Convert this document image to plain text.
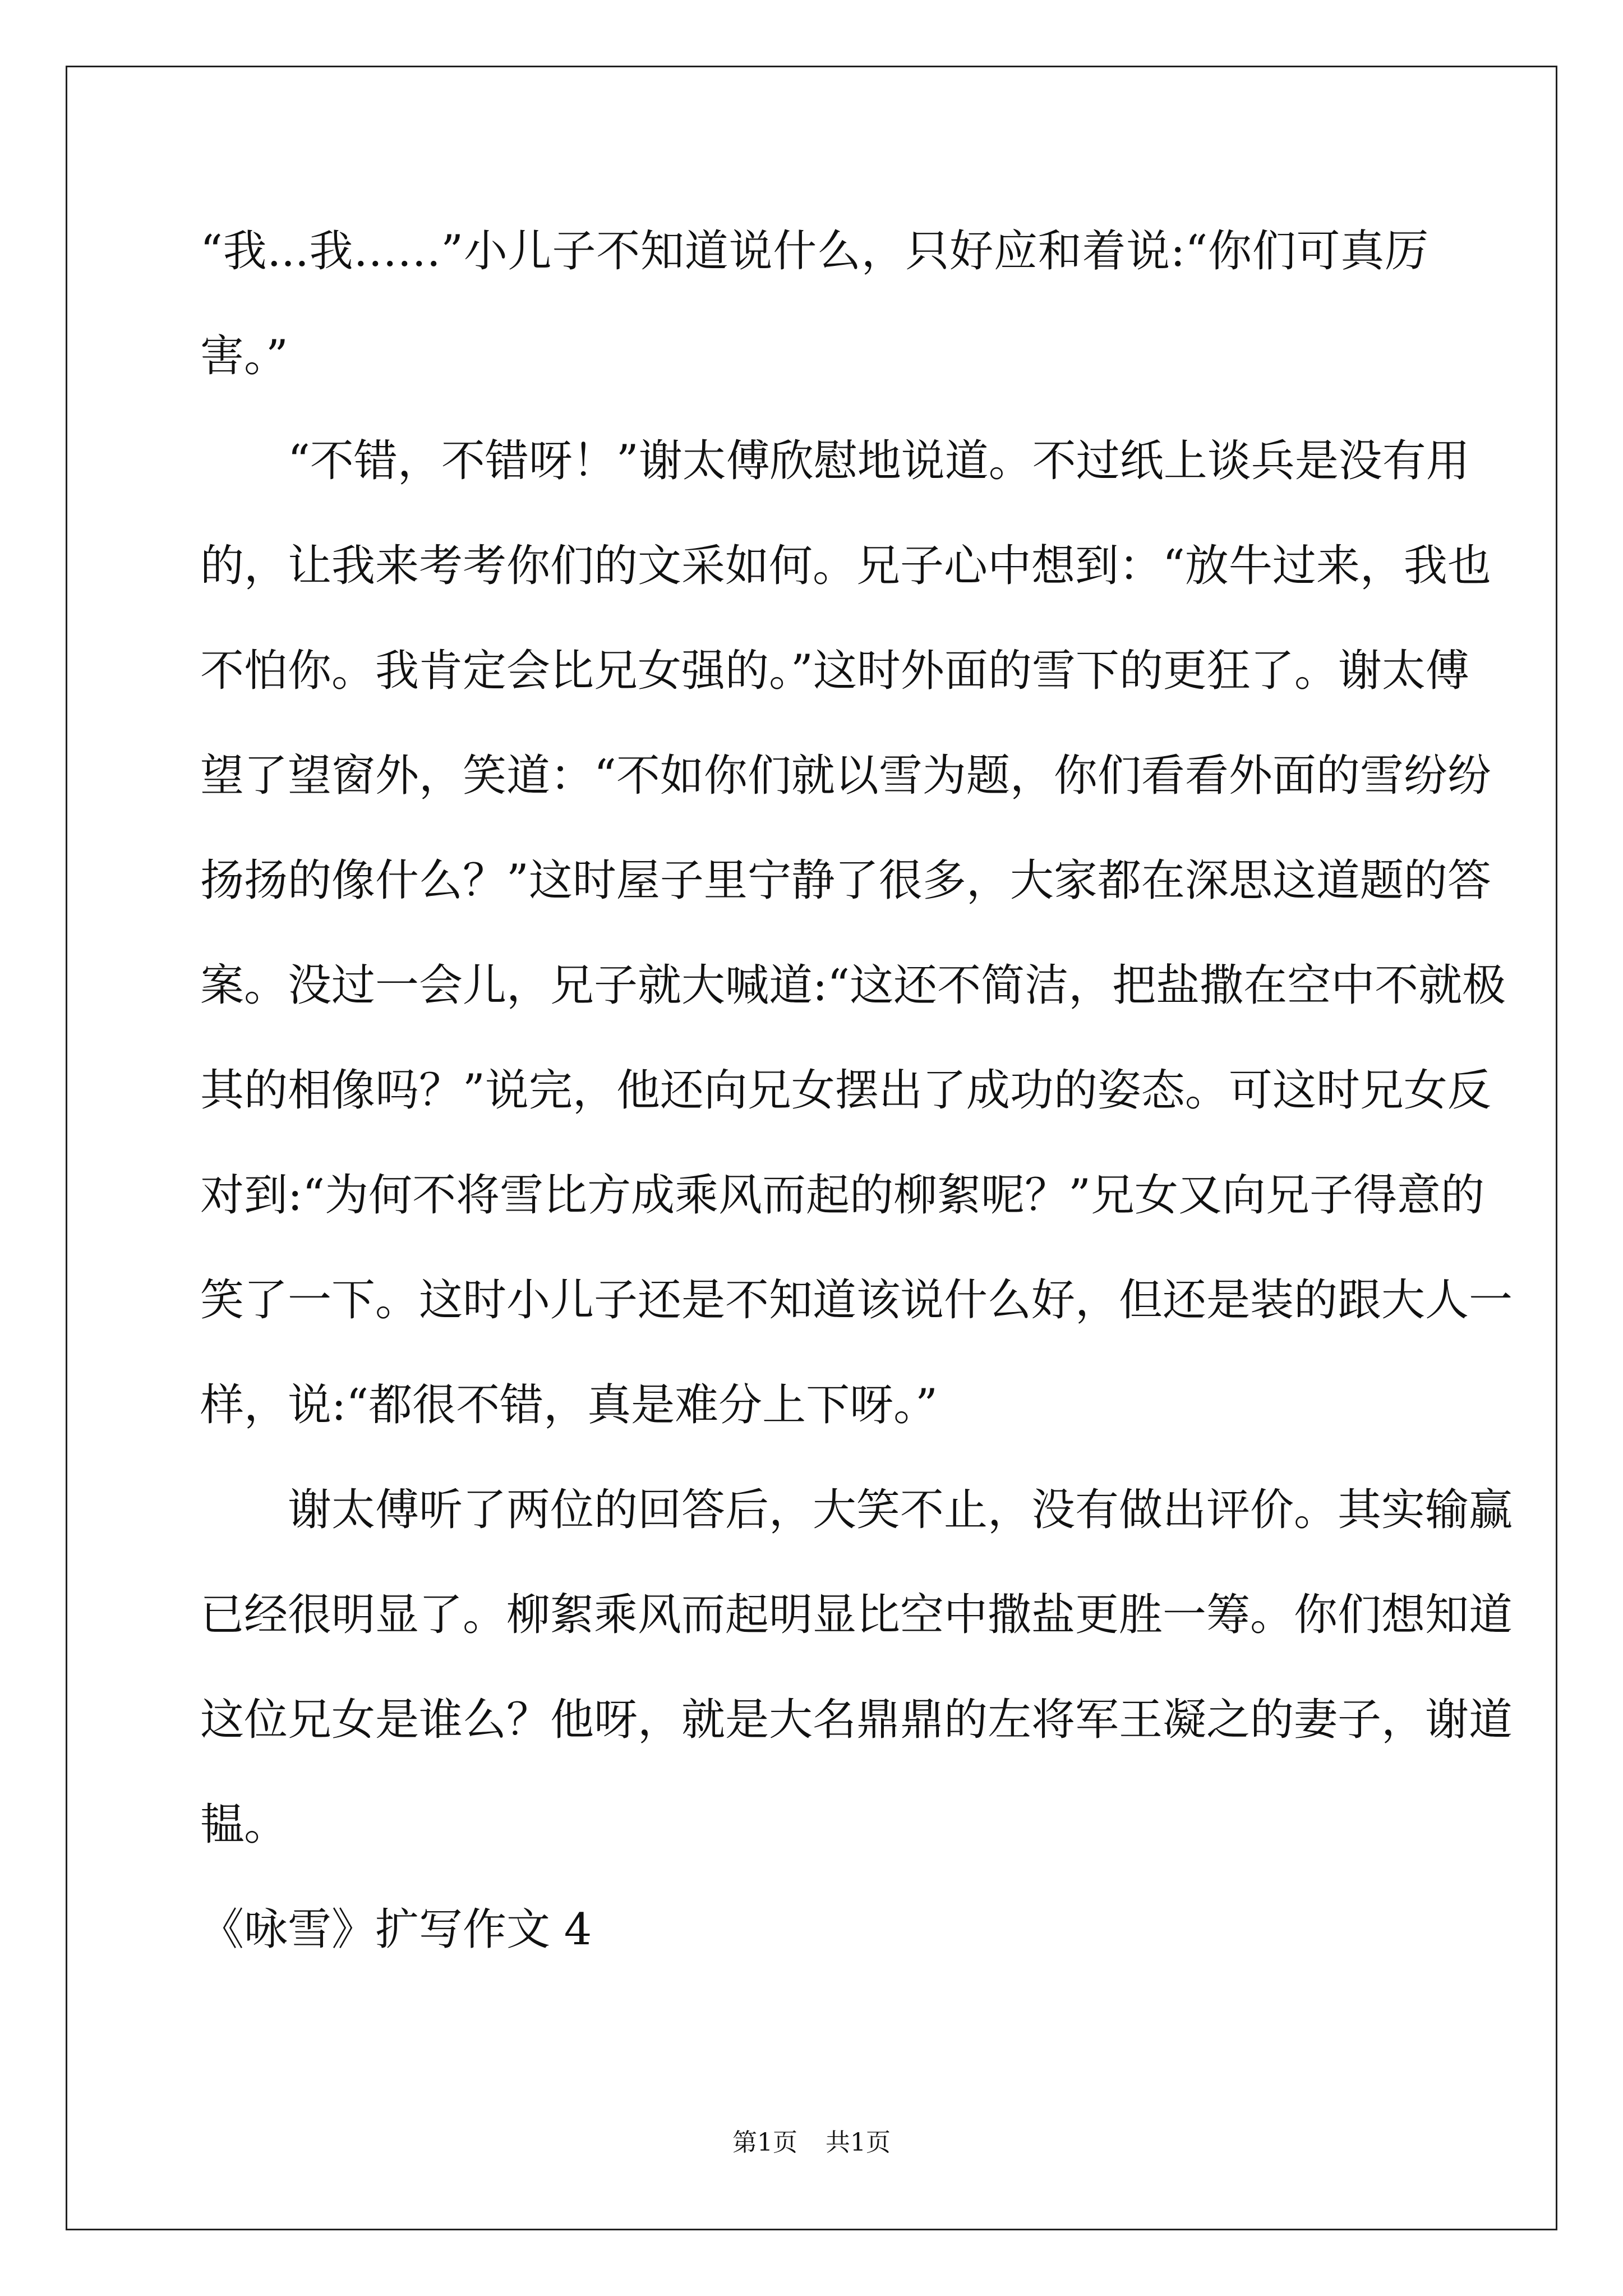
“我...我……”小儿子不知道说什么，只好应和着说:“你们可真厉
害。”
　　“不错，不错呀！”谢太傅欣慰地说道。不过纸上谈兵是没有用
的，让我来考考你们的文采如何。兄子心中想到：“放牛过来，我也
不怕你。我肯定会比兄女强的。”这时外面的雪下的更狂了。谢太傅
望了望窗外，笑道：“不如你们就以雪为题，你们看看外面的雪纷纷
扬扬的像什么？”这时屋子里宁静了很多，大家都在深思这道题的答
案。没过一会儿，兄子就大喊道:“这还不简洁，把盐撒在空中不就极
其的相像吗？”说完，他还向兄女摆出了成功的姿态。可这时兄女反
对到:“为何不将雪比方成乘风而起的柳絮呢？”兄女又向兄子得意的
笑了一下。这时小儿子还是不知道该说什么好，但还是装的跟大人一
样，说:“都很不错，真是难分上下呀。”
　　谢太傅听了两位的回答后，大笑不止，没有做出评价。其实输赢
已经很明显了。柳絮乘风而起明显比空中撒盐更胜一筹。你们想知道
这位兄女是谁么？他呀，就是大名鼎鼎的左将军王凝之的妻子，谢道
韫。
《咏雪》扩写作文 4
第1页 共1页
